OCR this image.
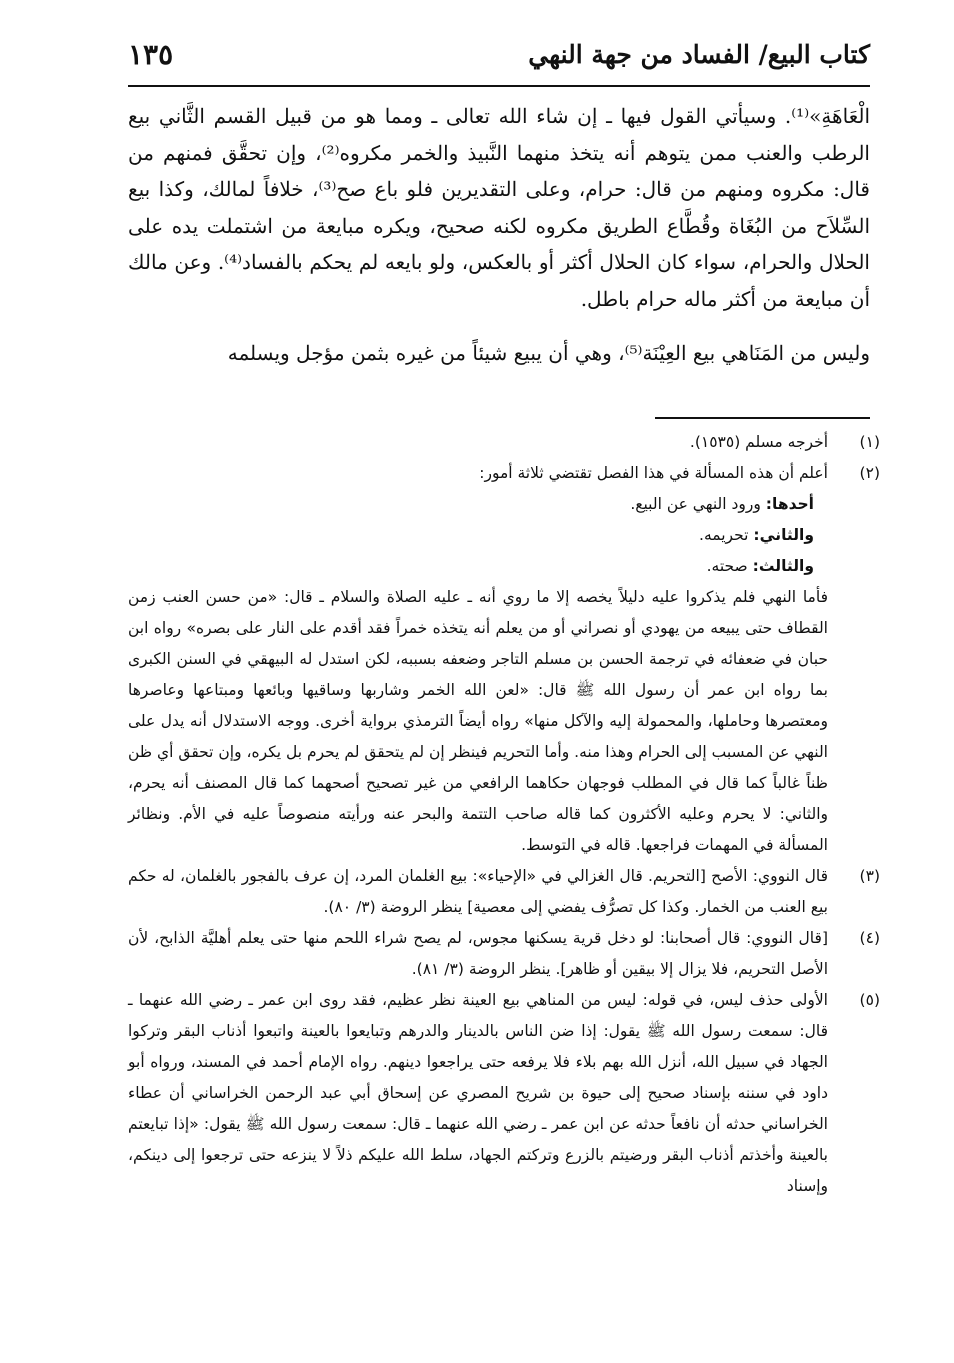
كتاب البيع/ الفساد من جهة النهي
١٣٥

الْعَاهَةِ»⁽¹⁾. وسيأتي القول فيها ـ إن شاء الله تعالى ـ ومما هو من قبيل القسم الثَّاني بيع الرطب والعنب ممن يتوهم أنه يتخذ منهما النَّبيذ والخمر مكروه⁽²⁾، وإن تحقَّق فمنهم من قال: مكروه ومنهم من قال: حرام، وعلى التقديرين فلو باع صح⁽³⁾، خلافاً لمالك، وكذا بيع السِّلاَح من البُغَاة وقُطَّاع الطريق مكروه لكنه صحيح، ويكره مبايعة من اشتملت يده على الحلال والحرام، سواء كان الحلال أكثر أو بالعكس، ولو بايعه لم يحكم بالفساد⁽⁴⁾. وعن مالك أن مبايعة من أكثر ماله حرام باطل.

وليس من المَنَاهي بيع العِيْنَة⁽⁵⁾، وهي أن يبيع شيئاً من غيره بثمن مؤجل ويسلمه

(١)

أخرجه مسلم (١٥٣٥).

(٢)

أعلم أن هذه المسألة في هذا الفصل تقتضي ثلاثة أمور:

أحدها: ورود النهي عن البيع.

والثاني: تحريمه.

والثالث: صحته.

فأما النهي فلم يذكروا عليه دليلاً يخصه إلا ما روي أنه ـ عليه الصلاة والسلام ـ قال: «من حسن العنب زمن القطاف حتى يبيعه من يهودي أو نصراني أو من يعلم أنه يتخذه خمراً فقد أقدم على النار على بصره» رواه ابن حبان في ضعفائه في ترجمة الحسن بن مسلم التاجر وضعفه بسببه، لكن استدل له البيهقي في السنن الكبرى بما رواه ابن عمر أن رسول الله ﷺ قال: «لعن الله الخمر وشاربها وساقيها وبائعها ومبتاعها وعاصرها ومعتصرها وحاملها، والمحمولة إليه والآكل منها» رواه أيضاً الترمذي برواية أخرى. ووجه الاستدلال أنه يدل على النهي عن المسبب إلى الحرام وهذا منه. وأما التحريم فينظر إن لم يتحقق لم يحرم بل يكره، وإن تحقق أي ظن ظناً غالباً كما قال في المطلب فوجهان حكاهما الرافعي من غير تصحيح أصحهما كما قال المصنف أنه يحرم، والثاني: لا يحرم وعليه الأكثرون كما قاله صاحب التتمة والبحر عنه ورأيته منصوصاً عليه في الأم. ونظائر المسألة في المهمات فراجعها. قاله في التوسط.

(٣)

قال النووي: الأصح [التحريم. قال الغزالي في «الإحياء»: بيع الغلمان المرد، إن عرف بالفجور بالغلمان، له حكم بيع العنب من الخمار. وكذا كل تصرُّف يفضي إلى معصية] ينظر الروضة (٣/ ٨٠).

(٤)

[قال النووي: قال أصحابنا: لو دخل قرية يسكنها مجوس، لم يصح شراء اللحم منها حتى يعلم أهليَّة الذابح، لأن الأصل التحريم، فلا يزال إلا بيقين أو ظاهر]. ينظر الروضة (٣/ ٨١).

(٥)

الأولى حذف ليس، في قوله: ليس من المناهي بيع العينة نظر عظيم، فقد روى ابن عمر ـ رضي الله عنهما ـ قال: سمعت رسول الله ﷺ يقول: إذا ضن الناس بالدينار والدرهم وتبايعوا بالعينة واتبعوا أذناب البقر وتركوا الجهاد في سبيل الله، أنزل الله بهم بلاء فلا يرفعه حتى يراجعوا دينهم. رواه الإمام أحمد في المسند، ورواه أبو داود في سننه بإسناد صحيح إلى حيوة بن شريح المصري عن إسحاق أبي عبد الرحمن الخراساني أن عطاء الخراساني حدثه أن نافعاً حدثه عن ابن عمر ـ رضي الله عنهما ـ قال: سمعت رسول الله ﷺ يقول: «إذا تبايعتم بالعينة وأخذتم أذناب البقر ورضيتم بالزرع وتركتم الجهاد، سلط الله عليكم ذلاً لا ينزعه حتى ترجعوا إلى دينكم، وإسناد
